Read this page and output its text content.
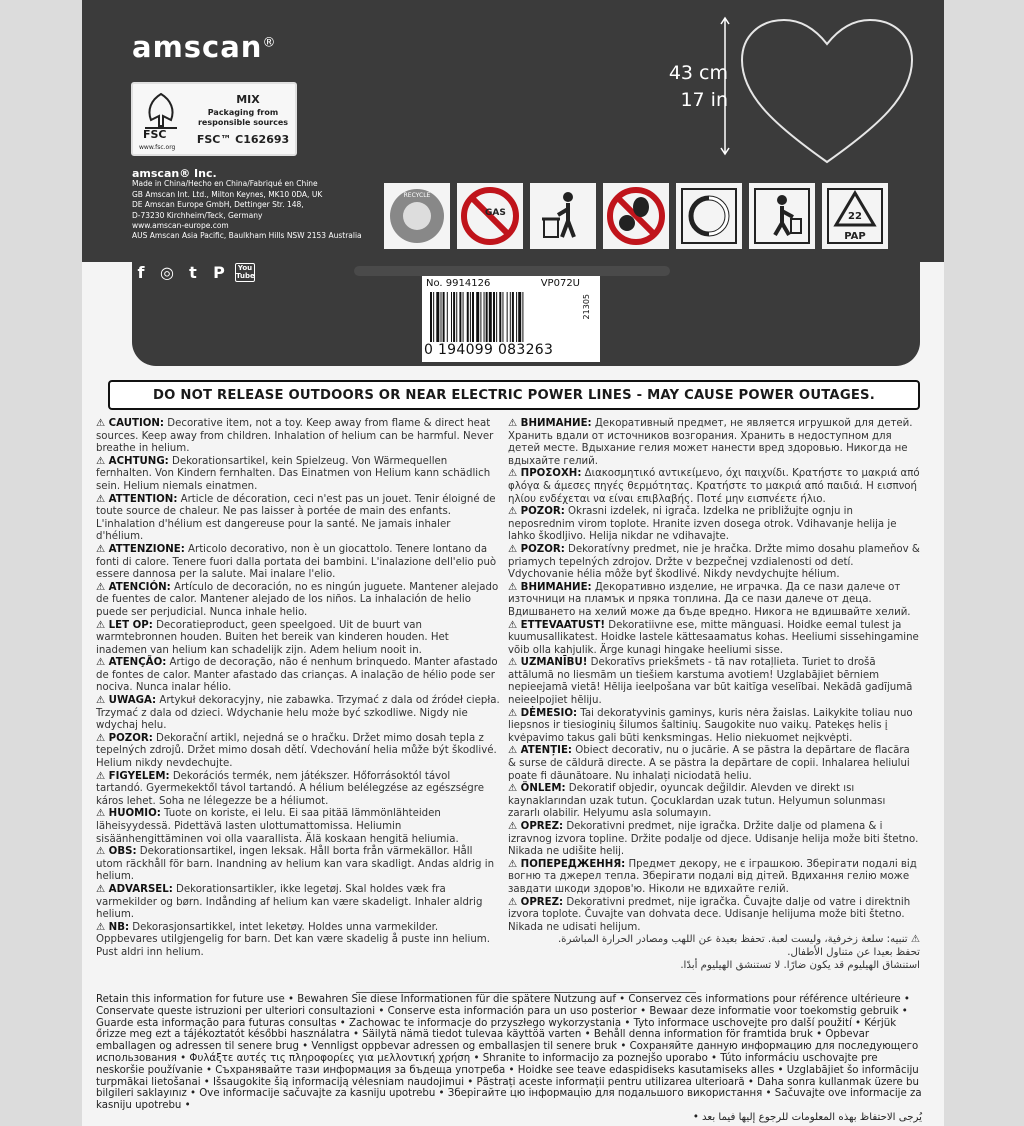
amscan®
MIX
Packaging from responsible sources
FSC™ C162693
FSC
www.fsc.org
amscan® Inc.
Made in China/Hecho en China/Fabriqué en Chine
GB Amscan Int. Ltd., Milton Keynes, MK10 0DA, UK
DE Amscan Europe GmbH, Dettinger Str. 148,
D-73230 Kirchheim/Teck, Germany
www.amscan-europe.com
AUS Amscan Asia Pacific, Baulkham Hills NSW 2153 Australia
f ◎ t	P	You Tube
43 cm
17 in
RECYCLE
GAS	22
PAP
No. 9914126	VP072U
0 194099 083263
21305
DO NOT RELEASE OUTDOORS OR NEAR ELECTRIC POWER LINES - MAY CAUSE POWER OUTAGES.

⚠ CAUTION: Decorative item, not a toy. Keep away from flame & direct heat sources. Keep away from children. Inhalation of helium can be harmful. Never breathe in helium.

⚠ ACHTUNG: Dekorationsartikel, kein Spielzeug. Von Wärmequellen fernhalten. Von Kindern fernhalten. Das Einatmen von Helium kann schädlich sein. Helium niemals einatmen.

⚠ ATTENTION: Article de décoration, ceci n'est pas un jouet. Tenir éloigné de toute source de chaleur. Ne pas laisser à portée de main des enfants. L'inhalation d'hélium est dangereuse pour la santé. Ne jamais inhaler d'hélium.

⚠ ATTENZIONE: Articolo decorativo, non è un giocattolo. Tenere lontano da fonti di calore. Tenere fuori dalla portata dei bambini. L'inalazione dell'elio può essere dannosa per la salute. Mai inalare l'elio.

⚠ ATENCIÓN: Artículo de decoración, no es ningún juguete. Mantener alejado de fuentes de calor. Mantener alejado de los niños. La inhalación de helio puede ser perjudicial. Nunca inhale helio.

⚠ LET OP: Decoratieproduct, geen speelgoed. Uit de buurt van warmtebronnen houden. Buiten het bereik van kinderen houden. Het inademen van helium kan schadelijk zijn. Adem helium nooit in.

⚠ ATENÇÃO: Artigo de decoração, não é nenhum brinquedo. Manter afastado de fontes de calor. Manter afastado das crianças. A inalação de hélio pode ser nociva. Nunca inalar hélio.

⚠ UWAGA: Artykuł dekoracyjny, nie zabawka. Trzymać z dala od źródeł ciepła. Trzymać z dala od dzieci. Wdychanie helu może być szkodliwe. Nigdy nie wdychaj helu.

⚠ POZOR: Dekorační artikl, nejedná se o hračku. Držet mimo dosah tepla z tepelných zdrojů. Držet mimo dosah dětí. Vdechování helia může být škodlivé. Helium nikdy nevdechujte.

⚠ FIGYELEM: Dekorációs termék, nem játékszer. Hőforrásoktól távol tartandó. Gyermekektől távol tartandó. A hélium belélegzése az egészségre káros lehet. Soha ne lélegezze be a héliumot.

⚠ HUOMIO: Tuote on koriste, ei lelu. Ei saa pitää lämmönlähteiden läheisyydessä. Pidettävä lasten ulottumattomissa. Heliumin sisäänhengittäminen voi olla vaarallista. Älä koskaan hengitä heliumia.

⚠ OBS: Dekorationsartikel, ingen leksak. Håll borta från värmekällor. Håll utom räckhåll för barn. Inandning av helium kan vara skadligt. Andas aldrig in helium.

⚠ ADVARSEL: Dekorationsartikler, ikke legetøj. Skal holdes væk fra varmekilder og børn. Indånding af helium kan være skadeligt. Inhaler aldrig helium.

⚠ NB: Dekorasjonsartikkel, intet leketøy. Holdes unna varmekilder. Oppbevares utilgjengelig for barn. Det kan være skadelig å puste inn helium. Pust aldri inn helium.

⚠ ВНИМАНИЕ: Декоративный предмет, не является игрушкой для детей. Хранить вдали от источников возгорания. Хранить в недоступном для детей месте. Вдыхание гелия может нанести вред здоровью. Никогда не вдыхайте гелий.

⚠ ΠΡΟΣΟΧΗ: Διακοσμητικό αντικείμενο, όχι παιχνίδι. Κρατήστε το μακριά από φλόγα & άμεσες πηγές θερμότητας. Κρατήστε το μακριά από παιδιά. Η εισπνοή ηλίου ενδέχεται να είναι επιβλαβής. Ποτέ μην εισπνέετε ήλιο.

⚠ POZOR: Okrasni izdelek, ni igrača. Izdelka ne približujte ognju in neposrednim virom toplote. Hranite izven dosega otrok. Vdihavanje helija je lahko škodljivo. Helija nikdar ne vdihavajte.

⚠ POZOR: Dekoratívny predmet, nie je hračka. Držte mimo dosahu plameňov & priamych tepelných zdrojov. Držte v bezpečnej vzdialenosti od detí. Vdychovanie hélia môže byť škodlivé. Nikdy nevdychujte hélium.

⚠ ВНИМАНИЕ: Декоративно изделие, не играчка. Да се пази далече от източници на пламък и пряка топлина. Да се пази далече от деца. Вдишването на хелий може да бъде вредно. Никога не вдишвайте хелий.

⚠ ETTEVAATUST! Dekoratiivne ese, mitte mänguasi. Hoidke eemal tulest ja kuumusallikatest. Hoidke lastele kättesaamatus kohas. Heeliumi sissehingamine võib olla kahjulik. Ärge kunagi hingake heeliumi sisse.

⚠ UZMANĪBU! Dekoratīvs priekšmets - tā nav rotaļlieta. Turiet to drošā attālumā no liesmām un tiešiem karstuma avotiem! Uzglabājiet bērniem nepieejamā vietā! Hēlija ieelpošana var būt kaitīga veselībai. Nekādā gadījumā neieelpojiet hēliju.

⚠ DĖMESIO: Tai dekoratyvinis gaminys, kuris nėra žaislas. Laikykite toliau nuo liepsnos ir tiesioginių šilumos šaltinių. Saugokite nuo vaikų. Patekęs helis į kvėpavimo takus gali būti kenksmingas. Helio niekuomet neįkvėpti.

⚠ ATENȚIE: Obiect decorativ, nu o jucărie. A se păstra la depărtare de flacăra & surse de căldură directe. A se păstra la depărtare de copii. Inhalarea heliului poate fi dăunătoare. Nu inhalați niciodată heliu.

⚠ ÖNLEM: Dekoratif objedir, oyuncak değildir. Alevden ve direkt ısı kaynaklarından uzak tutun. Çocuklardan uzak tutun. Helyumun solunması zararlı olabilir. Helyumu asla solumayın.

⚠ OPREZ: Dekorativni predmet, nije igračka. Držite dalje od plamena & i izravnog izvora topline. Držite podalje od djece. Udisanje helija može biti štetno. Nikada ne udišite helij.

⚠ ПОПЕРЕДЖЕННЯ: Предмет декору, не є іграшкою. Зберігати подалі від вогню та джерел тепла. Зберігати подалі від дітей. Вдихання гелію може завдати шкоди здоров'ю. Ніколи не вдихайте гелій.

⚠ OPREZ: Dekorativni predmet, nije igračka. Čuvajte dalje od vatre i direktnih izvora toplote. Čuvajte van dohvata dece. Udisanje helijuma može biti štetno. Nikada ne udisati helijum.

⚠ تنبيه: سلعة زخرفية، وليست لعبة. تحفظ بعيدة عن اللهب ومصادر الحرارة المباشرة.

تحفظ بعيدا عن متناول الأطفال.

استنشاق الهيليوم قد يكون ضارًا. لا تستنشق الهيليوم أبدًا.

Retain this information for future use • Bewahren Sie diese Informationen für die spätere Nutzung auf • Conservez ces informations pour référence ultérieure • Conservate queste istruzioni per ulteriori consultazioni • Conserve esta información para un uso posterior • Bewaar deze informatie voor toekomstig gebruik • Guarde esta informação para futuras consultas • Zachowac te informacje do przyszłego wykorzystania • Tyto informace uschovejte pro další použití • Kérjük őrizze meg ezt a tájékoztatót későbbi használatra • Säilytä nämä tiedot tulevaa käyttöä varten • Behåll denna information för framtida bruk • Opbevar emballagen og adressen til senere brug • Vennligst oppbevar adressen og emballasjen til senere bruk • Сохраняйте данную информацию для последующего использования • Φυλάξτε αυτές τις πληροφορίες για μελλοντική χρήση • Shranite to informacijo za poznejšo uporabo • Túto informáciu uschovajte pre neskoršie používanie • Съхранявайте тази информация за бъдеща употреба • Hoidke see teave edaspidiseks kasutamiseks alles • Uzglabājiet šo informāciju turpmākai lietošanai • Išsaugokite šią informaciją vėlesniam naudojimui • Păstrați aceste informații pentru utilizarea ulterioară • Daha sonra kullanmak üzere bu bilgileri saklayınız • Ove informacije sačuvajte za kasniju upotrebu • Зберігайте цю інформацію для подальшого використання • Sačuvajte ove informacije za kasniju upotrebu •

يُرجى الاحتفاظ بهذه المعلومات للرجوع إليها فيما بعد •
